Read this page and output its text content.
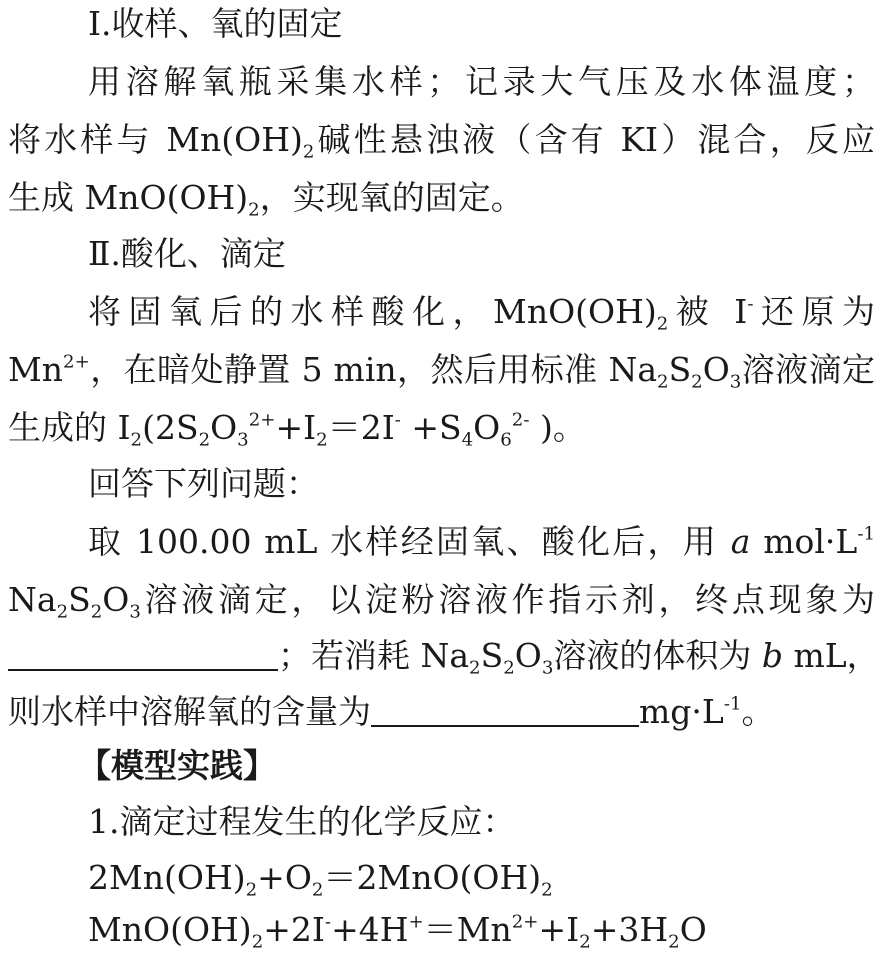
Ⅰ.收样、氧的固定
用溶解氧瓶采集水样；记录大气压及水体温度；
将水样与 $Mn(OH)_2$碱性悬浊液（含有 KI）混合，反应
生成 $MnO(OH)_2$，实现氧的固定。
Ⅱ.酸化、滴定
将固氧后的水样酸化，$MnO(OH)_2$被 I-还原为
$Mn^{2+}$，在暗处静置 5 min，然后用标准 $Na_2S_2O_3$溶液滴定
生成的 $I_2(2S_2O_3^{2+}+I_2=2I^- +S_4O_6^{2-}$ )。
回答下列问题：
取 100.00 mL 水样经固氧、酸化后，用 a $mol\cdot L^{-1}$
$Na_2S_2O_3$溶液滴定，以淀粉溶液作指示剂，终点现象为
；若消耗 $Na_2S_2O_3$溶液的体积为 b mL，
则水样中溶解氧的含量为	$mg\cdot L^{-1}$。
【模型实践】
1.滴定过程发生的化学反应：
$2Mn(OH)_2+O_2=2MnO(OH)_2$
$MnO(OH)_2+2I^-+4H^+=Mn^{2+}+I_2+3H_2O$
